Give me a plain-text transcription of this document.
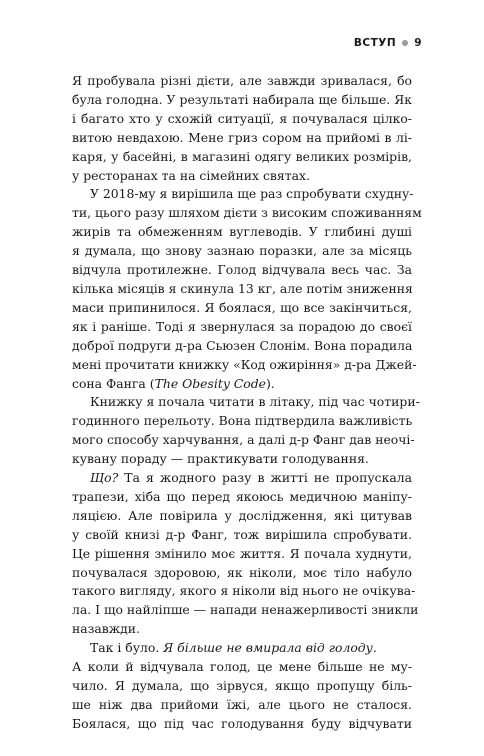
ВСТУП 9

Я пробувала різні дієти, але завжди зривалася, бо
була голодна. У результаті набирала ще більше. Як
і багато хто у схожій ситуації, я почувалася цілко-
витою невдахою. Мене гриз сором на прийомі в лі-
каря, у басейні, в магазині одягу великих розмірів,
у ресторанах та на сімейних святах.

У 2018-му я вирішила ще раз спробувати схудну-
ти, цього разу шляхом дієти з високим споживанням
жирів та обмеженням вуглеводів. У глибині душі
я думала, що знову зазнаю поразки, але за місяць
відчула протилежне. Голод відчувала весь час. За
кілька місяців я скинула 13 кг, але потім зниження
маси припинилося. Я боялася, що все закінчиться,
як і раніше. Тоді я звернулася за порадою до своєї
доброї подруги д-ра Сьюзен Слонім. Вона порадила
мені прочитати книжку «Код ожиріння» д-ра Джей-
сона Фанга (The Obesity Code).

Книжку я почала читати в літаку, під час чотири-
годинного перельоту. Вона підтвердила важливість
мого способу харчування, а далі д-р Фанг дав неочі-
кувану пораду — практикувати голодування.

Що? Та я жодного разу в житті не пропускала
трапези, хіба що перед якоюсь медичною маніпу-
ляцією. Але повірила у дослідження, які цитував
у своїй книзі д-р Фанг, тож вирішила спробувати.
Це рішення змінило моє життя. Я почала худнути,
почувалася здоровою, як ніколи, моє тіло набуло
такого вигляду, якого я ніколи від нього не очікува-
ла. І що найліпше — напади ненажерливості зникли
назавжди.

Так і було. Я більше не вмирала від голоду.
А коли й відчувала голод, це мене більше не му-
чило. Я думала, що зірвуся, якщо пропущу біль-
ше ніж два прийоми їжі, але цього не сталося.
Боялася, що під час голодування буду відчувати
